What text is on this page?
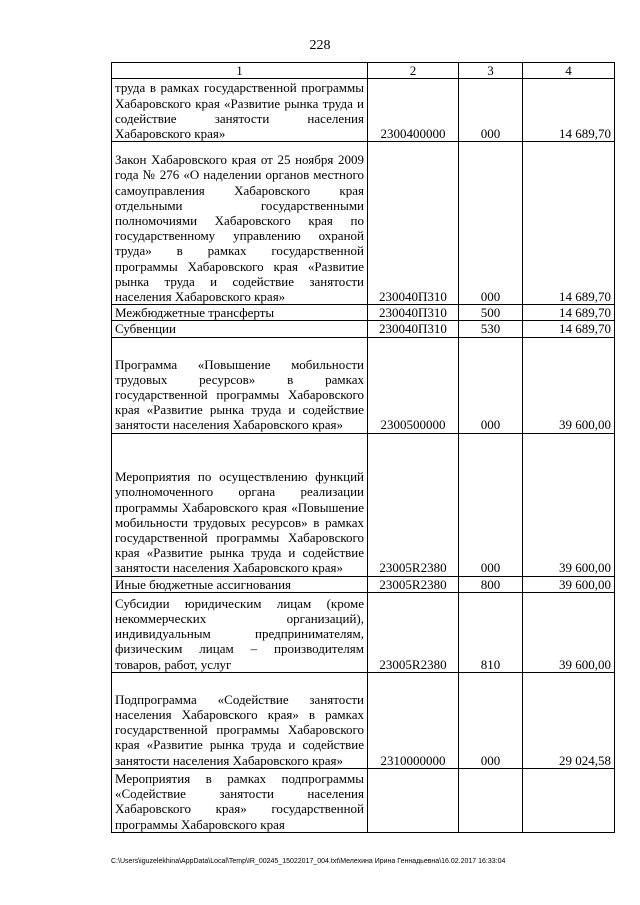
228
1	2	3	4
труда в рамках государственной программы Хабаровского края «Развитие рынка труда и содействие занятости населения Хабаровского края»	2300400000	000	14 689,70
Закон Хабаровского края от 25 ноября 2009 года № 276 «О наделении органов местного самоуправления Хабаровского края отдельными государственными полномочиями Хабаровского края по государственному управлению охраной труда» в рамках государственной программы Хабаровского края «Развитие рынка труда и содействие занятости населения Хабаровского края»	230040П310	000	14 689,70
Межбюджетные трансферты	230040П310	500	14 689,70
Субвенции	230040П310	530	14 689,70
Программа «Повышение мобильности трудовых ресурсов» в рамках государственной программы Хабаровского края «Развитие рынка труда и содействие занятости населения Хабаровского края»	2300500000	000	39 600,00
Мероприятия по осуществлению функций уполномоченного органа реализации программы Хабаровского края «Повышение мобильности трудовых ресурсов» в рамках государственной программы Хабаровского края «Развитие рынка труда и содействие занятости населения Хабаровского края»	23005R2380	000	39 600,00
Иные бюджетные ассигнования	23005R2380	800	39 600,00
Субсидии юридическим лицам (кроме некоммерческих организаций), индивидуальным предпринимателям, физическим лицам – производителям товаров, работ, услуг	23005R2380	810	39 600,00
Подпрограмма «Содействие занятости населения Хабаровского края» в рамках государственной программы Хабаровского края «Развитие рынка труда и содействие занятости населения Хабаровского края»	2310000000	000	29 024,58
Мероприятия в рамках подпрограммы «Содействие занятости населения Хабаровского края» государственной программы Хабаровского края			
C:\Users\iguzelekhina\AppData\Local\Temp\IR_00245_15022017_004.txt\Мелехина Ирина Геннадьевна\16.02.2017 16:33:04
